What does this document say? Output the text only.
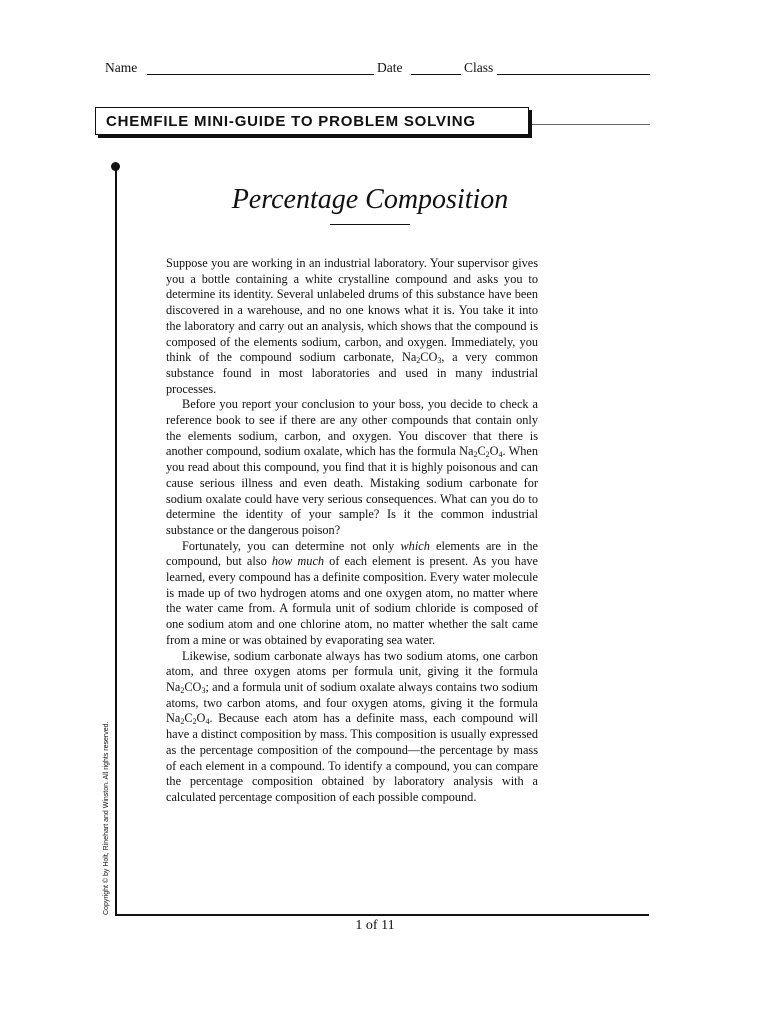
Name	Date	Class
CHEMFILE MINI-GUIDE TO PROBLEM SOLVING
Percentage Composition

Suppose you are working in an industrial laboratory. Your supervisor gives you a bottle containing a white crystalline compound and asks you to determine its identity. Several unlabeled drums of this substance have been discovered in a warehouse, and no one knows what it is. You take it into the laboratory and carry out an analysis, which shows that the compound is composed of the elements sodium, carbon, and oxygen. Immediately, you think of the compound sodium carbonate, $Na_2CO_3$, a very common substance found in most laboratories and used in many industrial processes.

Before you report your conclusion to your boss, you decide to check a reference book to see if there are any other compounds that contain only the elements sodium, carbon, and oxygen. You discover that there is another compound, sodium oxalate, which has the formula $Na_2C_2O_4$. When you read about this compound, you find that it is highly poisonous and can cause serious illness and even death. Mistaking sodium carbonate for sodium oxalate could have very serious consequences. What can you do to determine the identity of your sample? Is it the common industrial substance or the dangerous poison?

Fortunately, you can determine not only which elements are in the compound, but also how much of each element is present. As you have learned, every compound has a definite composition. Every water molecule is made up of two hydrogen atoms and one oxygen atom, no matter where the water came from. A formula unit of sodium chloride is composed of one sodium atom and one chlorine atom, no matter whether the salt came from a mine or was obtained by evaporating sea water.

Likewise, sodium carbonate always has two sodium atoms, one carbon atom, and three oxygen atoms per formula unit, giving it the formula $Na_2CO_3$; and a formula unit of sodium oxalate always contains two sodium atoms, two carbon atoms, and four oxygen atoms, giving it the formula $Na_2C_2O_4$. Because each atom has a definite mass, each compound will have a distinct composition by mass. This composition is usually expressed as the percentage composition of the compound—the percentage by mass of each element in a compound. To identify a compound, you can compare the percentage composition obtained by laboratory analysis with a calculated percentage composition of each possible compound.

Copyright © by Holt, Rinehart and Winston. All rights reserved.
1 of 11
